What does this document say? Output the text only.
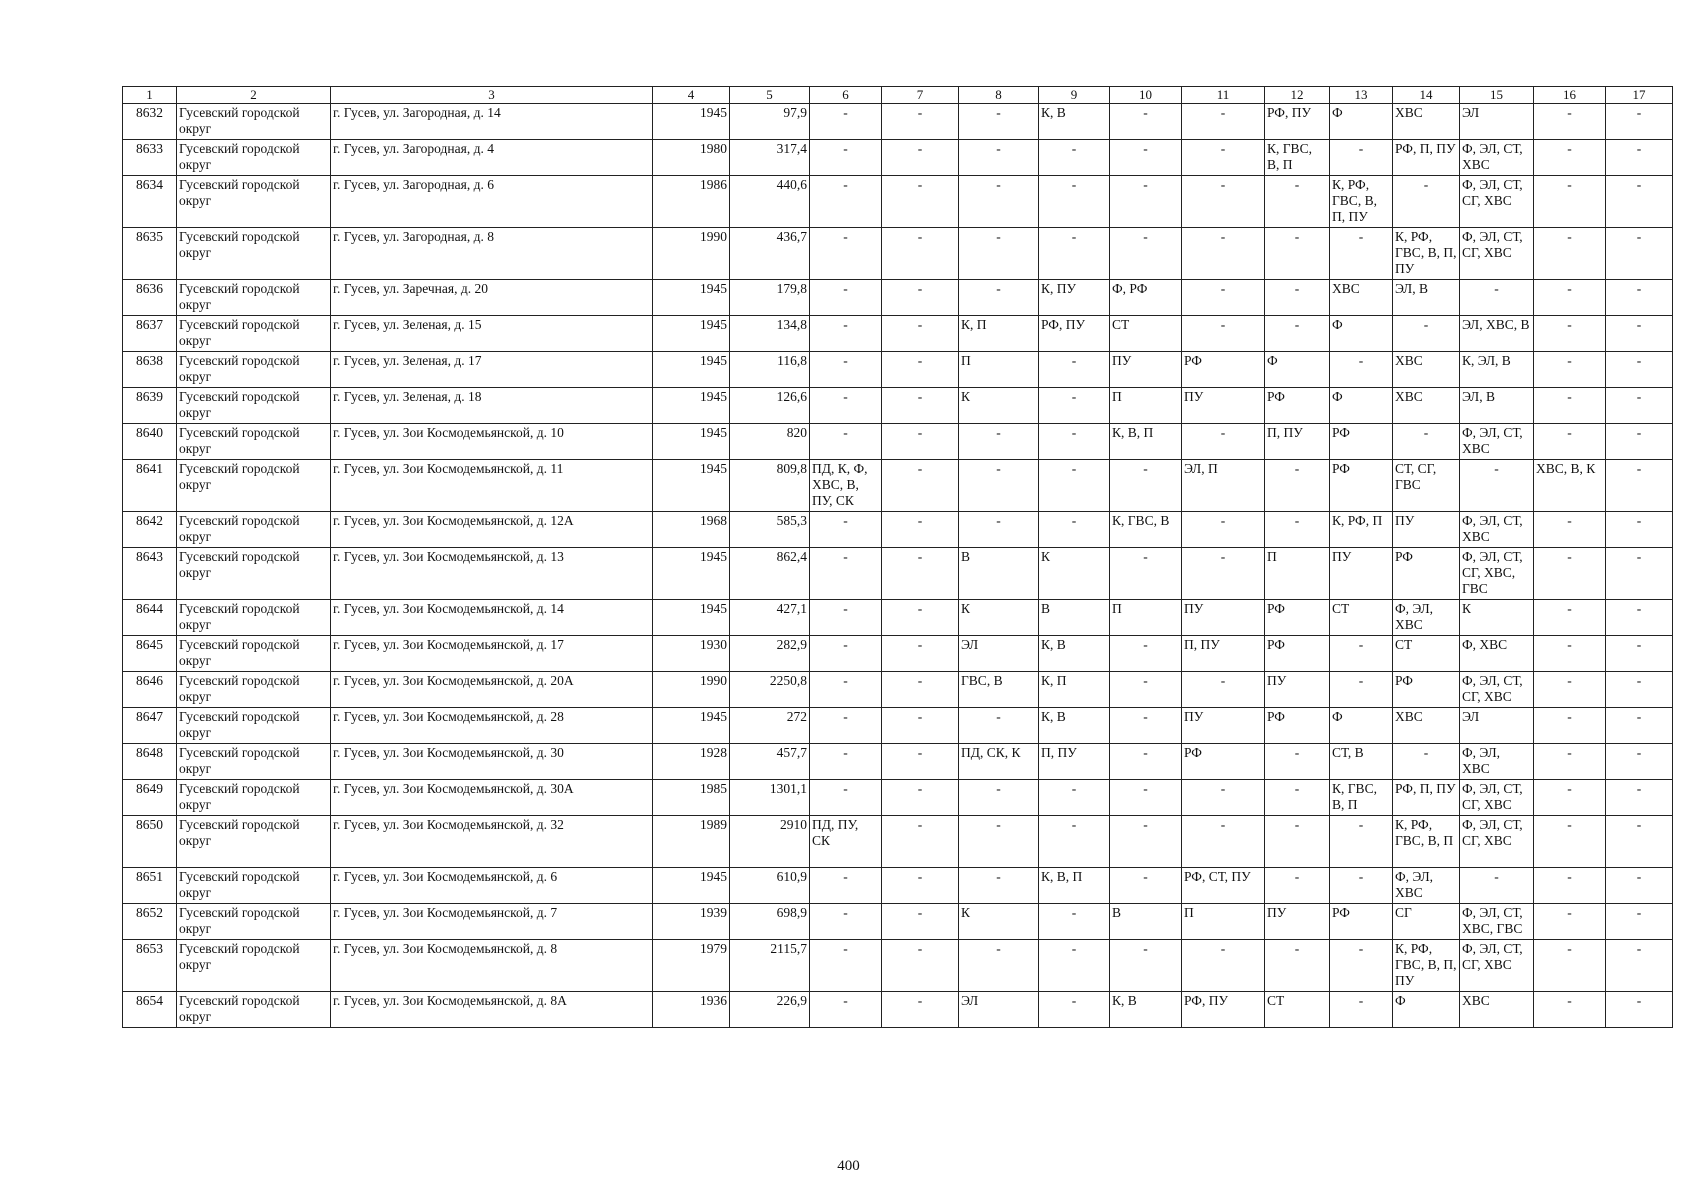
1	2	3	4	5	6	7	8	9	10	11	12	13	14	15	16	17
8632	Гусевский городской округ	г. Гусев, ул. Загородная, д. 14	1945	97,9	-	-	-	К, В	-	-	РФ, ПУ	Ф	ХВС	ЭЛ	-	-
8633	Гусевский городской округ	г. Гусев, ул. Загородная, д. 4	1980	317,4	-	-	-	-	-	-	К, ГВС, В, П	-	РФ, П, ПУ	Ф, ЭЛ, СТ, ХВС	-	-
8634	Гусевский городской округ	г. Гусев, ул. Загородная, д. 6	1986	440,6	-	-	-	-	-	-	-	К, РФ, ГВС, В, П, ПУ	-	Ф, ЭЛ, СТ, СГ, ХВС	-	-
8635	Гусевский городской округ	г. Гусев, ул. Загородная, д. 8	1990	436,7	-	-	-	-	-	-	-	-	К, РФ, ГВС, В, П, ПУ	Ф, ЭЛ, СТ, СГ, ХВС	-	-
8636	Гусевский городской округ	г. Гусев, ул. Заречная, д. 20	1945	179,8	-	-	-	К, ПУ	Ф, РФ	-	-	ХВС	ЭЛ, В	-	-	-
8637	Гусевский городской округ	г. Гусев, ул. Зеленая, д. 15	1945	134,8	-	-	К, П	РФ, ПУ	СТ	-	-	Ф	-	ЭЛ, ХВС, В	-	-
8638	Гусевский городской округ	г. Гусев, ул. Зеленая, д. 17	1945	116,8	-	-	П	-	ПУ	РФ	Ф	-	ХВС	К, ЭЛ, В	-	-
8639	Гусевский городской округ	г. Гусев, ул. Зеленая, д. 18	1945	126,6	-	-	К	-	П	ПУ	РФ	Ф	ХВС	ЭЛ, В	-	-
8640	Гусевский городской округ	г. Гусев, ул. Зои Космодемьянской, д. 10	1945	820	-	-	-	-	К, В, П	-	П, ПУ	РФ	-	Ф, ЭЛ, СТ, ХВС	-	-
8641	Гусевский городской округ	г. Гусев, ул. Зои Космодемьянской, д. 11	1945	809,8	ПД, К, Ф, ХВС, В, ПУ, СК	-	-	-	-	ЭЛ, П	-	РФ	СТ, СГ, ГВС	-	ХВС, В, К	-
8642	Гусевский городской округ	г. Гусев, ул. Зои Космодемьянской, д. 12А	1968	585,3	-	-	-	-	К, ГВС, В	-	-	К, РФ, П	ПУ	Ф, ЭЛ, СТ, ХВС	-	-
8643	Гусевский городской округ	г. Гусев, ул. Зои Космодемьянской, д. 13	1945	862,4	-	-	В	К	-	-	П	ПУ	РФ	Ф, ЭЛ, СТ, СГ, ХВС, ГВС	-	-
8644	Гусевский городской округ	г. Гусев, ул. Зои Космодемьянской, д. 14	1945	427,1	-	-	К	В	П	ПУ	РФ	СТ	Ф, ЭЛ, ХВС	К	-	-
8645	Гусевский городской округ	г. Гусев, ул. Зои Космодемьянской, д. 17	1930	282,9	-	-	ЭЛ	К, В	-	П, ПУ	РФ	-	СТ	Ф, ХВС	-	-
8646	Гусевский городской округ	г. Гусев, ул. Зои Космодемьянской, д. 20А	1990	2250,8	-	-	ГВС, В	К, П	-	-	ПУ	-	РФ	Ф, ЭЛ, СТ, СГ, ХВС	-	-
8647	Гусевский городской округ	г. Гусев, ул. Зои Космодемьянской, д. 28	1945	272	-	-	-	К, В	-	ПУ	РФ	Ф	ХВС	ЭЛ	-	-
8648	Гусевский городской округ	г. Гусев, ул. Зои Космодемьянской, д. 30	1928	457,7	-	-	ПД, СК, К	П, ПУ	-	РФ	-	СТ, В	-	Ф, ЭЛ, ХВС	-	-
8649	Гусевский городской округ	г. Гусев, ул. Зои Космодемьянской, д. 30А	1985	1301,1	-	-	-	-	-	-	-	К, ГВС, В, П	РФ, П, ПУ	Ф, ЭЛ, СТ, СГ, ХВС	-	-
8650	Гусевский городской округ	г. Гусев, ул. Зои Космодемьянской, д. 32	1989	2910	ПД, ПУ, СК	-	-	-	-	-	-	-	К, РФ, ГВС, В, П	Ф, ЭЛ, СТ, СГ, ХВС	-	-
8651	Гусевский городской округ	г. Гусев, ул. Зои Космодемьянской, д. 6	1945	610,9	-	-	-	К, В, П	-	РФ, СТ, ПУ	-	-	Ф, ЭЛ, ХВС	-	-	-
8652	Гусевский городской округ	г. Гусев, ул. Зои Космодемьянской, д. 7	1939	698,9	-	-	К	-	В	П	ПУ	РФ	СГ	Ф, ЭЛ, СТ, ХВС, ГВС	-	-
8653	Гусевский городской округ	г. Гусев, ул. Зои Космодемьянской, д. 8	1979	2115,7	-	-	-	-	-	-	-	-	К, РФ, ГВС, В, П, ПУ	Ф, ЭЛ, СТ, СГ, ХВС	-	-
8654	Гусевский городской округ	г. Гусев, ул. Зои Космодемьянской, д. 8А	1936	226,9	-	-	ЭЛ	-	К, В	РФ, ПУ	СТ	-	Ф	ХВС	-	-
400
